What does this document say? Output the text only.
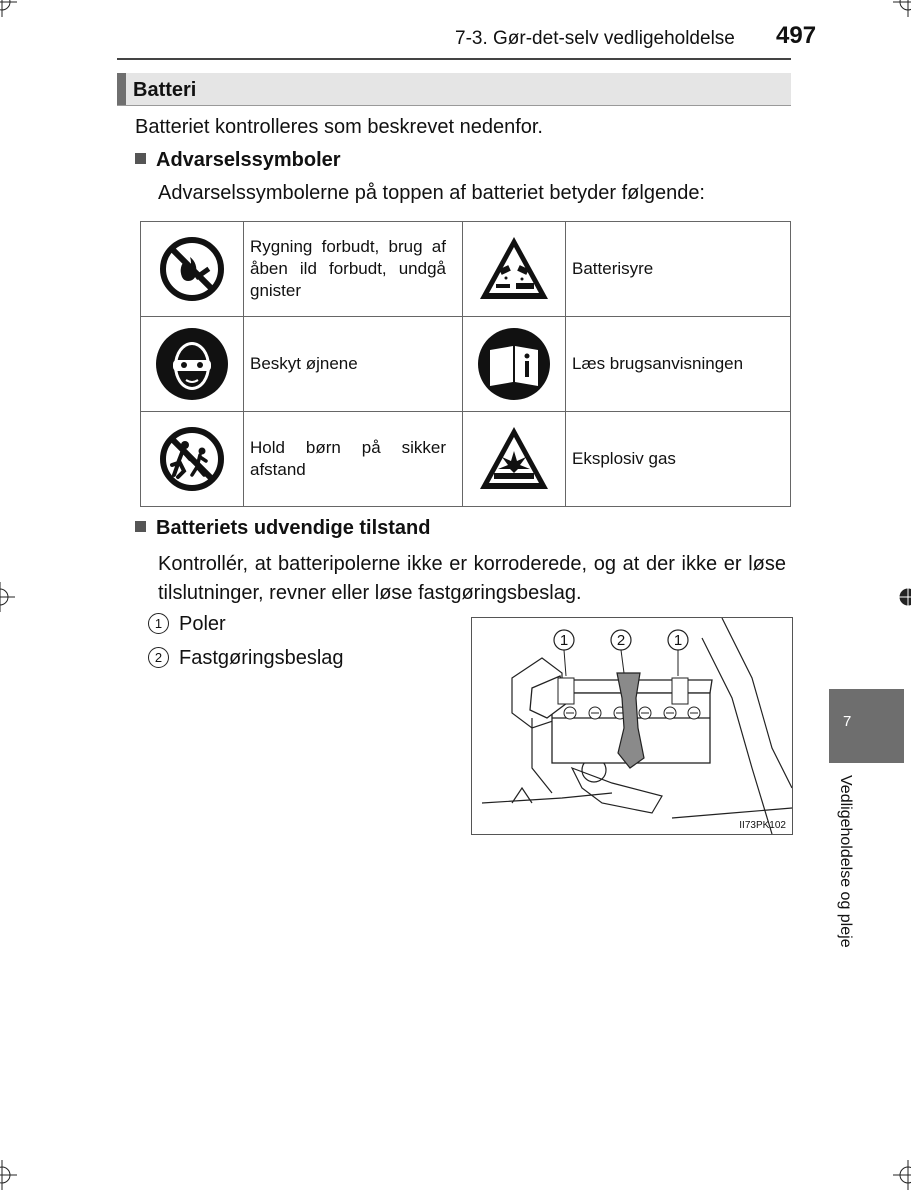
7-3. Gør-det-selv vedligeholdelse 497
Batteri
Batteriet kontrolleres som beskrevet nedenfor.
Advarselssymboler
Advarselssymbolerne på toppen af batteriet betyder følgende:
	Rygning forbudt, brug af åben ild forbudt, undgå gnister		Batterisyre

	Beskyt øjnene		Læs brugsanvisningen

	Hold børn på sikker afstand		Eksplosiv gas
Batteriets udvendige tilstand
Kontrollér, at batteripolerne ikke er korroderede, og at der ikke er løse tilslutninger, revner eller løse fastgøringsbeslag.
1 Poler
2 Fastgøringsbeslag
1	2	1
II73PK102
7
Vedligeholdelse og pleje
